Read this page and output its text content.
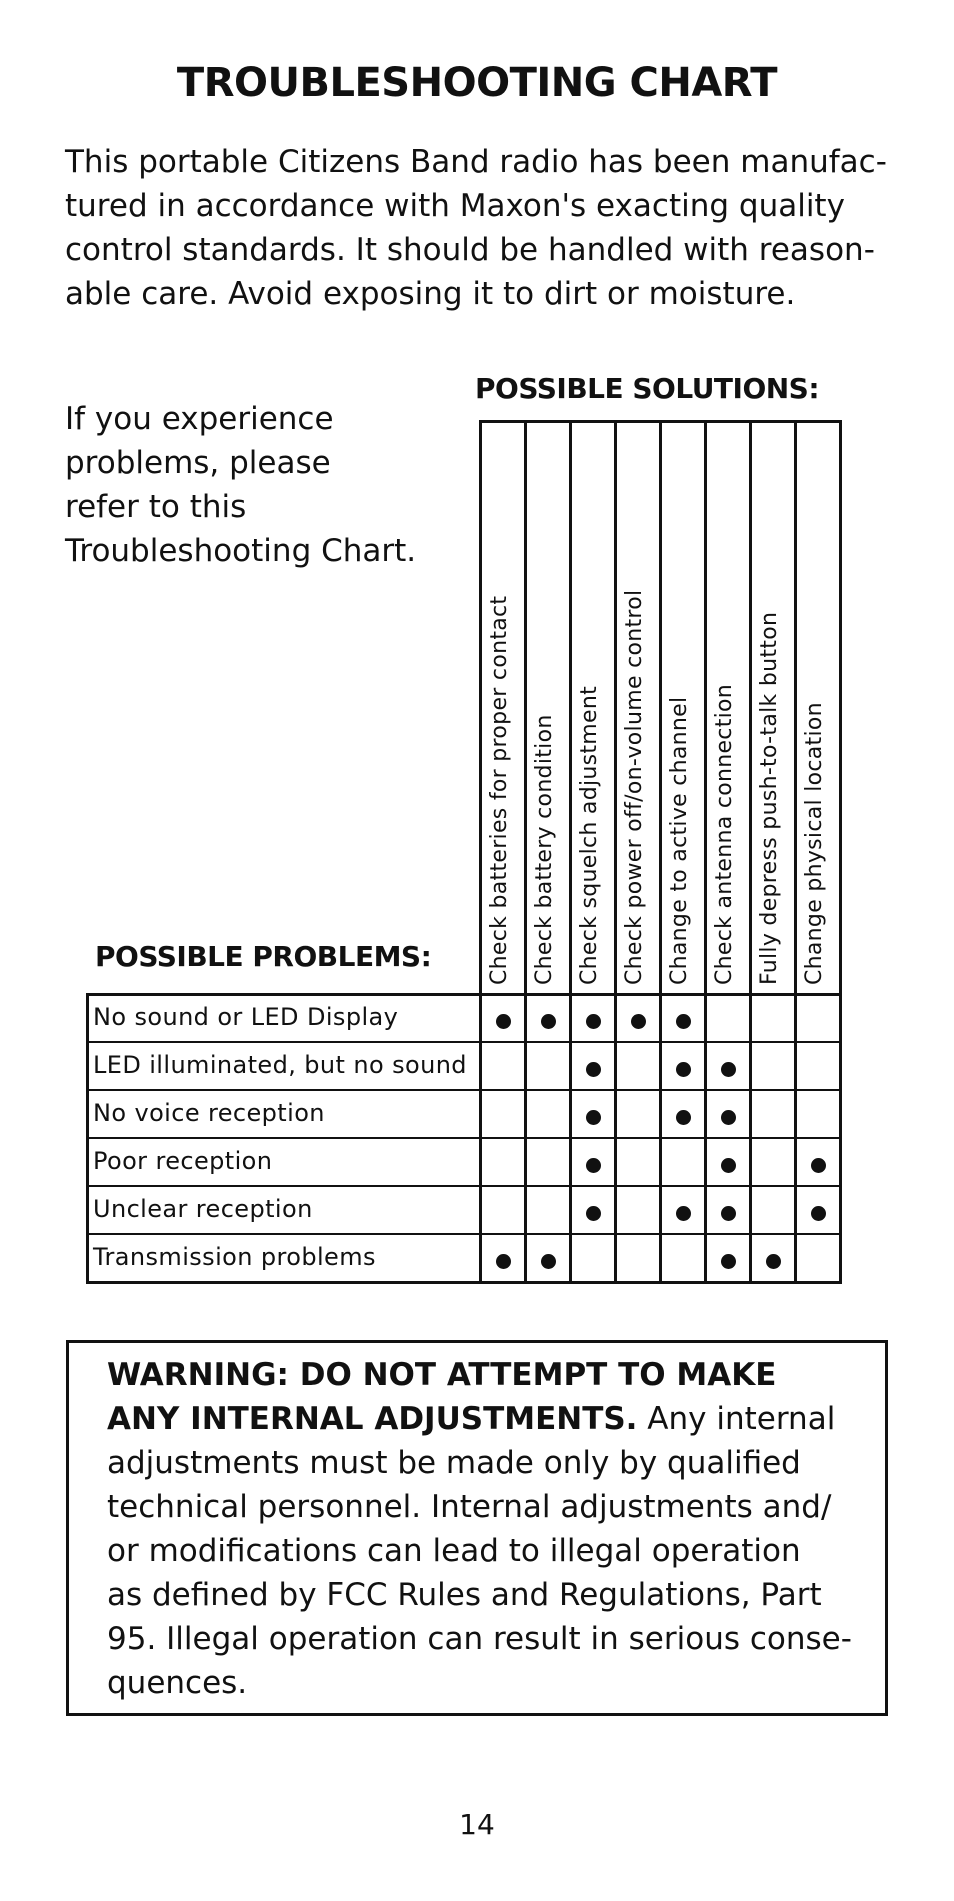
TROUBLESHOOTING CHART
This portable Citizens Band radio has been manufac-
tured in accordance with Maxon's exacting quality
control standards. It should be handled with reason-
able care. Avoid exposing it to dirt or moisture.
If you experience
problems, please
refer to this
Troubleshooting Chart.
POSSIBLE SOLUTIONS:
POSSIBLE PROBLEMS:	Check batteries for proper contact Check battery condition Check squelch adjustment Check power off/on-volume control Change to active channel Check antenna connection Fully depress push-to-talk button Change physical location
No sound or LED Display
LED illuminated, but no sound
No voice reception
Poor reception
Unclear reception
Transmission problems
WARNING: DO NOT ATTEMPT TO MAKE
ANY INTERNAL ADJUSTMENTS. Any internal
adjustments must be made only by qualified
technical personnel. Internal adjustments and/
or modifications can lead to illegal operation
as defined by FCC Rules and Regulations, Part
95. Illegal operation can result in serious conse-
quences.
14
